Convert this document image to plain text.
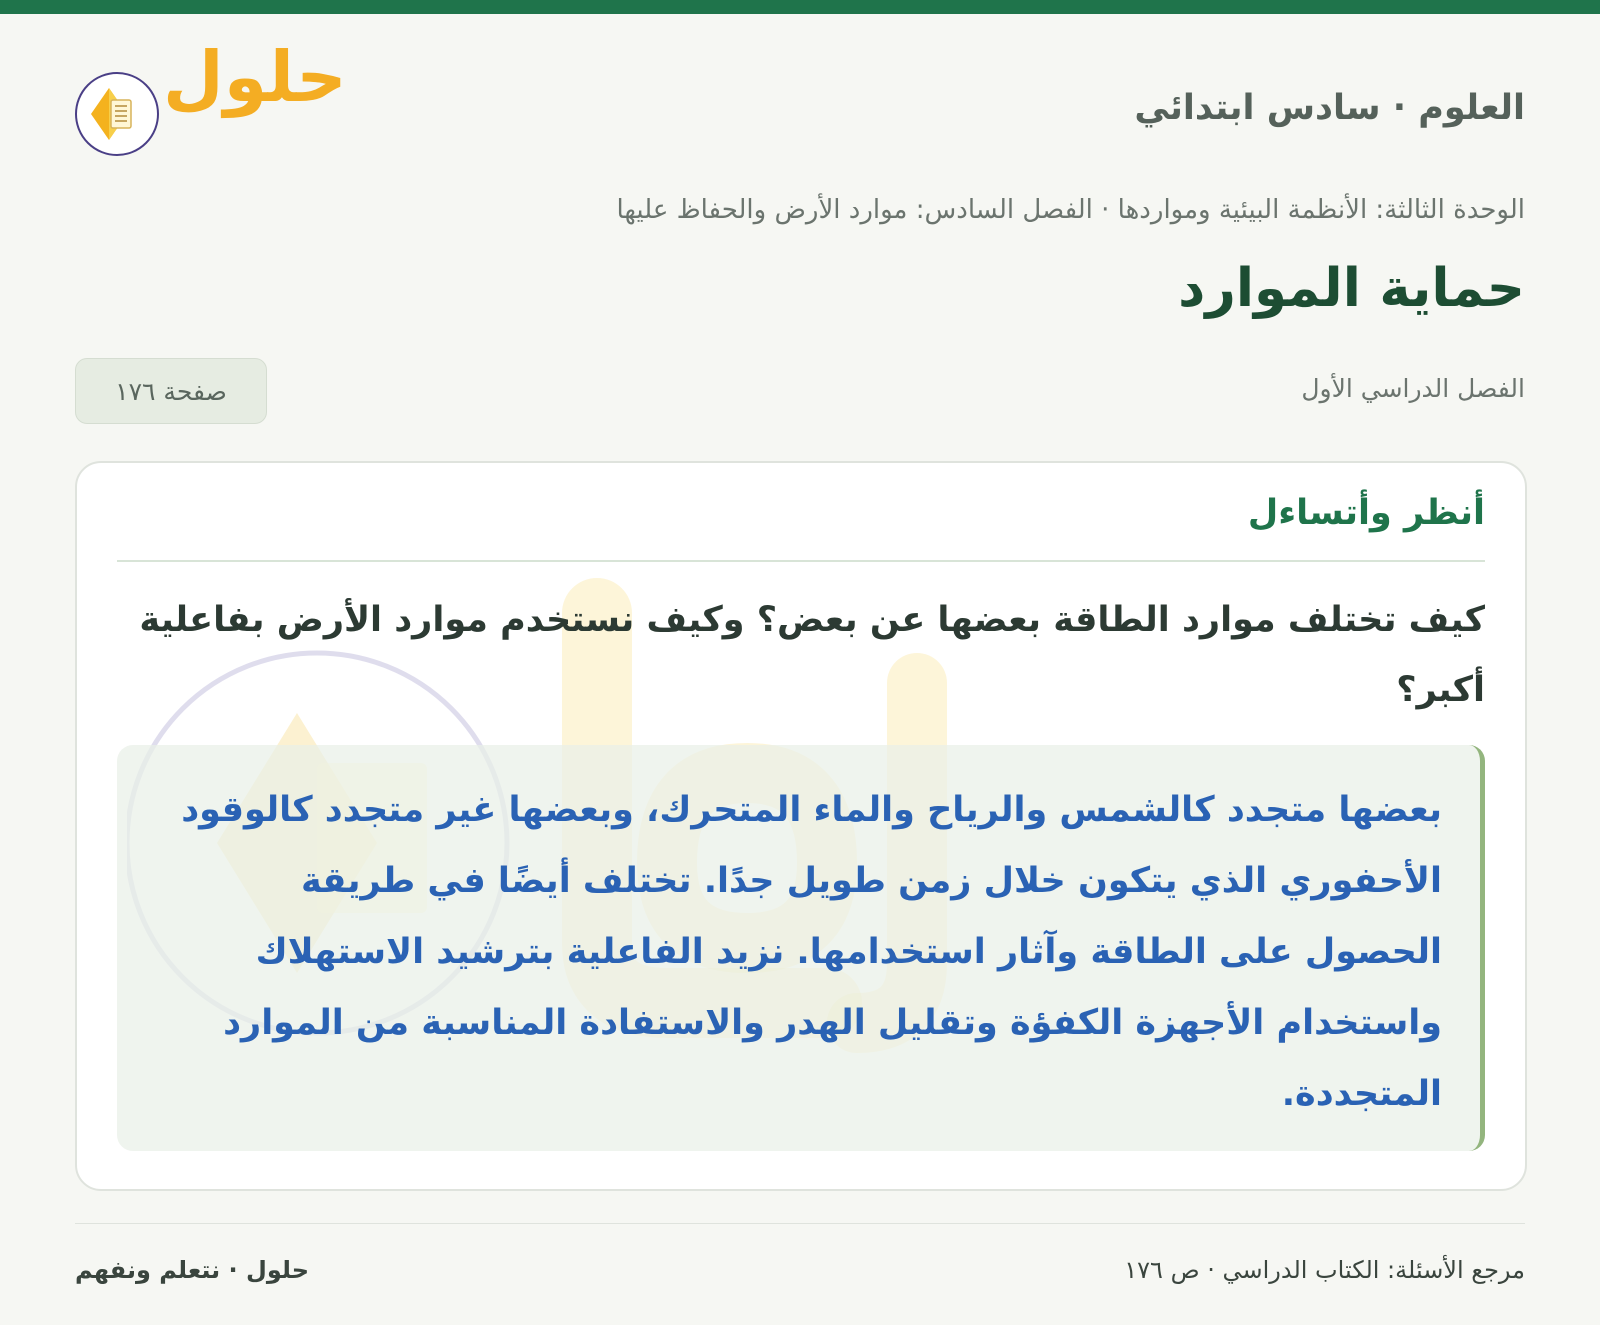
حلول	العلوم · سادس ابتدائي
الوحدة الثالثة: الأنظمة البيئية ومواردها · الفصل السادس: موارد الأرض والحفاظ عليها
حماية الموارد
الفصل الدراسي الأول
صفحة ١٧٦
أنظر وأتساءل
كيف تختلف موارد الطاقة بعضها عن بعض؟ وكيف نستخدم موارد الأرض بفاعلية أكبر؟

بعضها متجدد كالشمس والرياح والماء المتحرك، وبعضها غير متجدد كالوقود الأحفوري الذي يتكون خلال زمن طويل جدًا. تختلف أيضًا في طريقة الحصول على الطاقة وآثار استخدامها. نزيد الفاعلية بترشيد الاستهلاك واستخدام الأجهزة الكفؤة وتقليل الهدر والاستفادة المناسبة من الموارد المتجددة.

مرجع الأسئلة: الكتاب الدراسي · ص ١٧٦
حلول · نتعلم ونفهم
